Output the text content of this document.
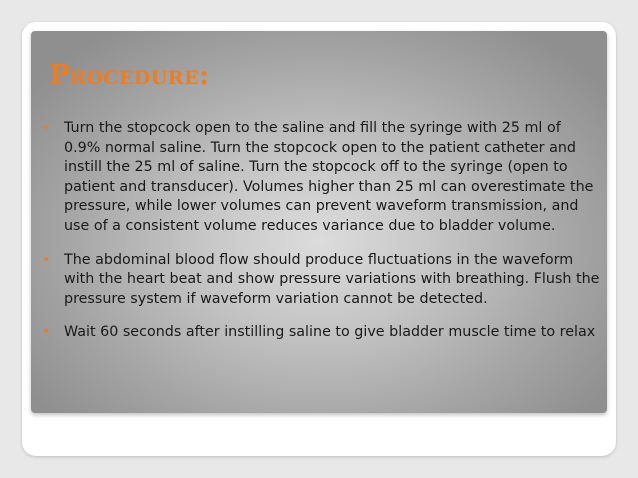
Procedure:
• Turn the stopcock open to the saline and fill the syringe with 25 ml of 0.9% normal saline. Turn the stopcock open to the patient catheter and instill the 25 ml of saline. Turn the stopcock off to the syringe (open to patient and transducer). Volumes higher than 25 ml can overestimate the pressure, while lower volumes can prevent waveform transmission, and use of a consistent volume reduces variance due to bladder volume.
• The abdominal blood flow should produce fluctuations in the waveform with the heart beat and show pressure variations with breathing. Flush the pressure system if waveform variation cannot be detected.
• Wait 60 seconds after instilling saline to give bladder muscle time to relax
